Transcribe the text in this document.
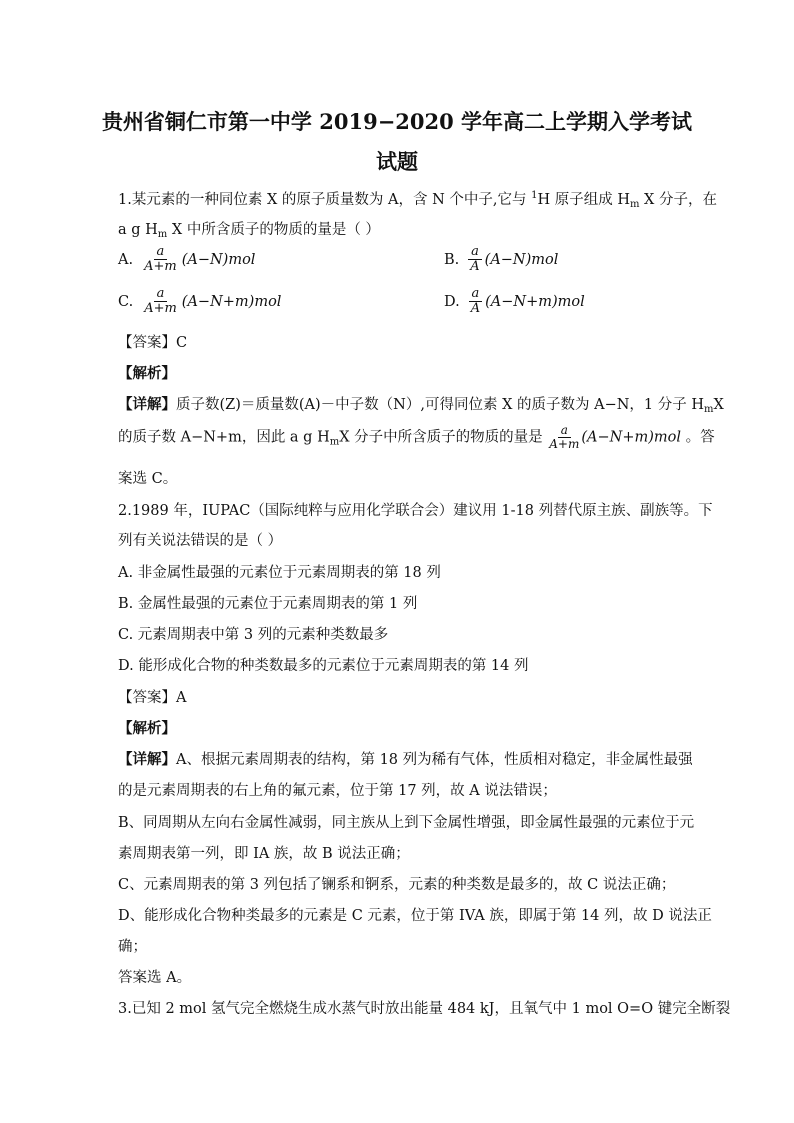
贵州省铜仁市第一中学 2019−2020 学年高二上学期入学考试
试题
1.某元素的一种同位素 X 的原子质量数为 A，含 N 个中子,它与 $^1$H 原子组成 $H_m$ X 分子，在
a g $H_m$ X 中所含质子的物质的量是（ ）
A. $\frac{a}{A+m} (A-N)mol$	B. $\frac{a}{A} (A-N)mol$
C. $\frac{a}{A+m} (A-N+m)mol$	D. $\frac{a}{A} (A-N+m)mol$
【答案】C
【解析】
【详解】质子数(Z)＝质量数(A)－中子数（N）,可得同位素 X 的质子数为 A−N，1 分子 $H_mX$
的质子数 A−N+m，因此 a g $H_mX$ 分子中所含质子的物质的量是 $\frac{a}{A+m} (A-N+m)mol$ 。答
案选 C。
2.1989 年，IUPAC（国际纯粹与应用化学联合会）建议用 1-18 列替代原主族、副族等。下
列有关说法错误的是（ ）
A. 非金属性最强的元素位于元素周期表的第 18 列
B. 金属性最强的元素位于元素周期表的第 1 列
C. 元素周期表中第 3 列的元素种类数最多
D. 能形成化合物的种类数最多的元素位于元素周期表的第 14 列
【答案】A
【解析】
【详解】A、根据元素周期表的结构，第 18 列为稀有气体，性质相对稳定，非金属性最强
的是元素周期表的右上角的氟元素，位于第 17 列，故 A 说法错误；
B、同周期从左向右金属性减弱，同主族从上到下金属性增强，即金属性最强的元素位于元
素周期表第一列，即 IA 族，故 B 说法正确；
C、元素周期表的第 3 列包括了镧系和锕系，元素的种类数是最多的，故 C 说法正确；
D、能形成化合物种类最多的元素是 C 元素，位于第 IVA 族，即属于第 14 列，故 D 说法正
确；
答案选 A。
3.已知 2 mol 氢气完全燃烧生成水蒸气时放出能量 484 kJ，且氧气中 1 mol O=O 键完全断裂
